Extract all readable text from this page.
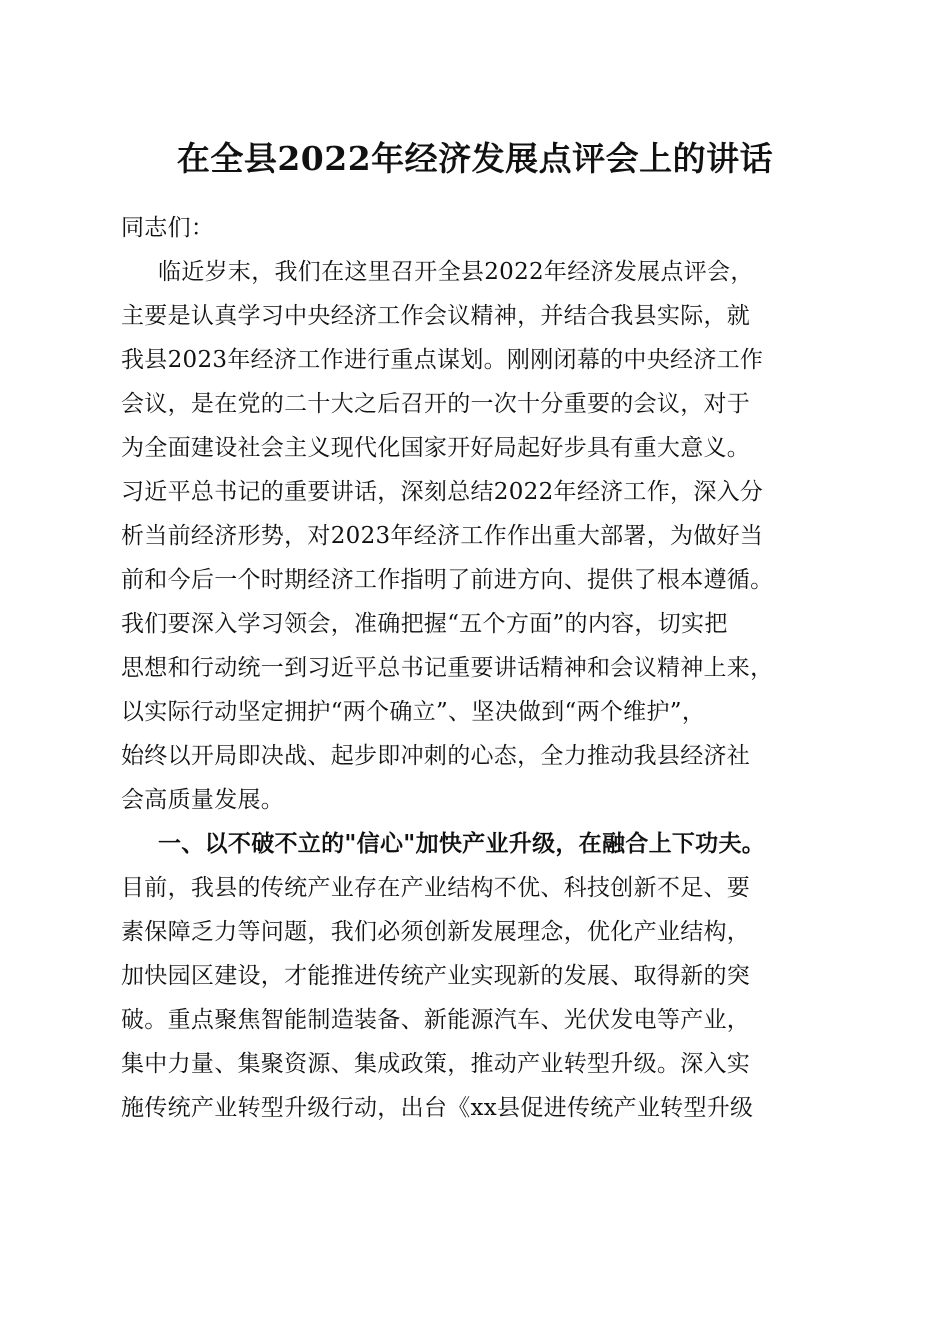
在全县2022年经济发展点评会上的讲话
同志们：
临近岁末，我们在这里召开全县2022年经济发展点评会，
主要是认真学习中央经济工作会议精神，并结合我县实际，就
我县2023年经济工作进行重点谋划。刚刚闭幕的中央经济工作
会议，是在党的二十大之后召开的一次十分重要的会议，对于
为全面建设社会主义现代化国家开好局起好步具有重大意义。
习近平总书记的重要讲话，深刻总结2022年经济工作，深入分
析当前经济形势，对2023年经济工作作出重大部署，为做好当
前和今后一个时期经济工作指明了前进方向、提供了根本遵循。
我们要深入学习领会，准确把握“五个方面”的内容，切实把
思想和行动统一到习近平总书记重要讲话精神和会议精神上来，
以实际行动坚定拥护“两个确立”、坚决做到“两个维护”，
始终以开局即决战、起步即冲刺的心态，全力推动我县经济社
会高质量发展。
一、以不破不立的"信心"加快产业升级，在融合上下功夫。
目前，我县的传统产业存在产业结构不优、科技创新不足、要
素保障乏力等问题，我们必须创新发展理念，优化产业结构，
加快园区建设，才能推进传统产业实现新的发展、取得新的突
破。重点聚焦智能制造装备、新能源汽车、光伏发电等产业，
集中力量、集聚资源、集成政策，推动产业转型升级。深入实
施传统产业转型升级行动，出台《xx县促进传统产业转型升级
